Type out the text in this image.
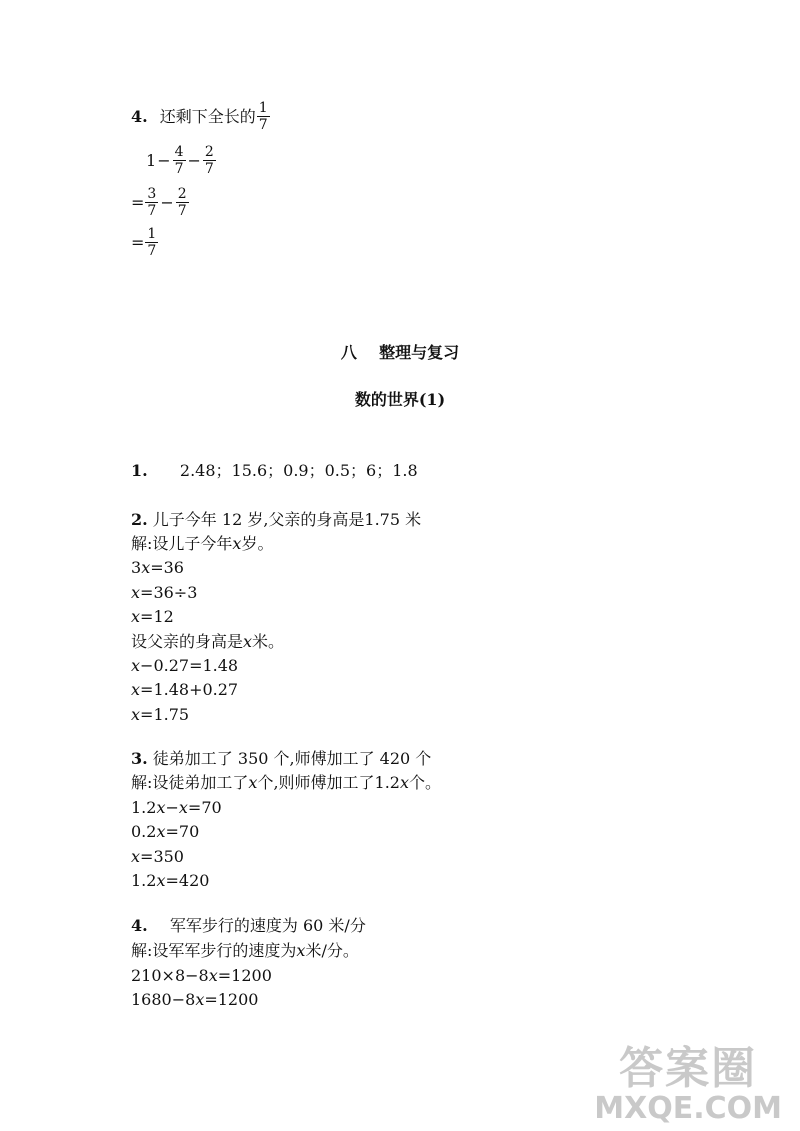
4. 还剩下全长的 $\frac{1}{7}$
$1 - \frac{4}{7} - \frac{2}{7}$
= $\frac{3}{7} - \frac{2}{7}$
= $\frac{1}{7}$
八    整理与复习
数的世界(1)
1. 2.48；15.6；0.9；0.5；6；1.8
2. 儿子今年 12 岁,父亲的身高是1.75 米
解:设儿子今年x岁。
3x=36
x=36÷3
x=12
设父亲的身高是x米。
x−0.27=1.48
x=1.48+0.27
x=1.75
3. 徒弟加工了 350 个,师傅加工了 420 个
解:设徒弟加工了x个,则师傅加工了1.2x个。
1.2x−x=70
0.2x=70
x=350
1.2x=420
4. 军军步行的速度为 60 米/分
解:设军军步行的速度为x米/分。
210×8−8x=1200
1680−8x=1200
答案圈
MXQE.COM
